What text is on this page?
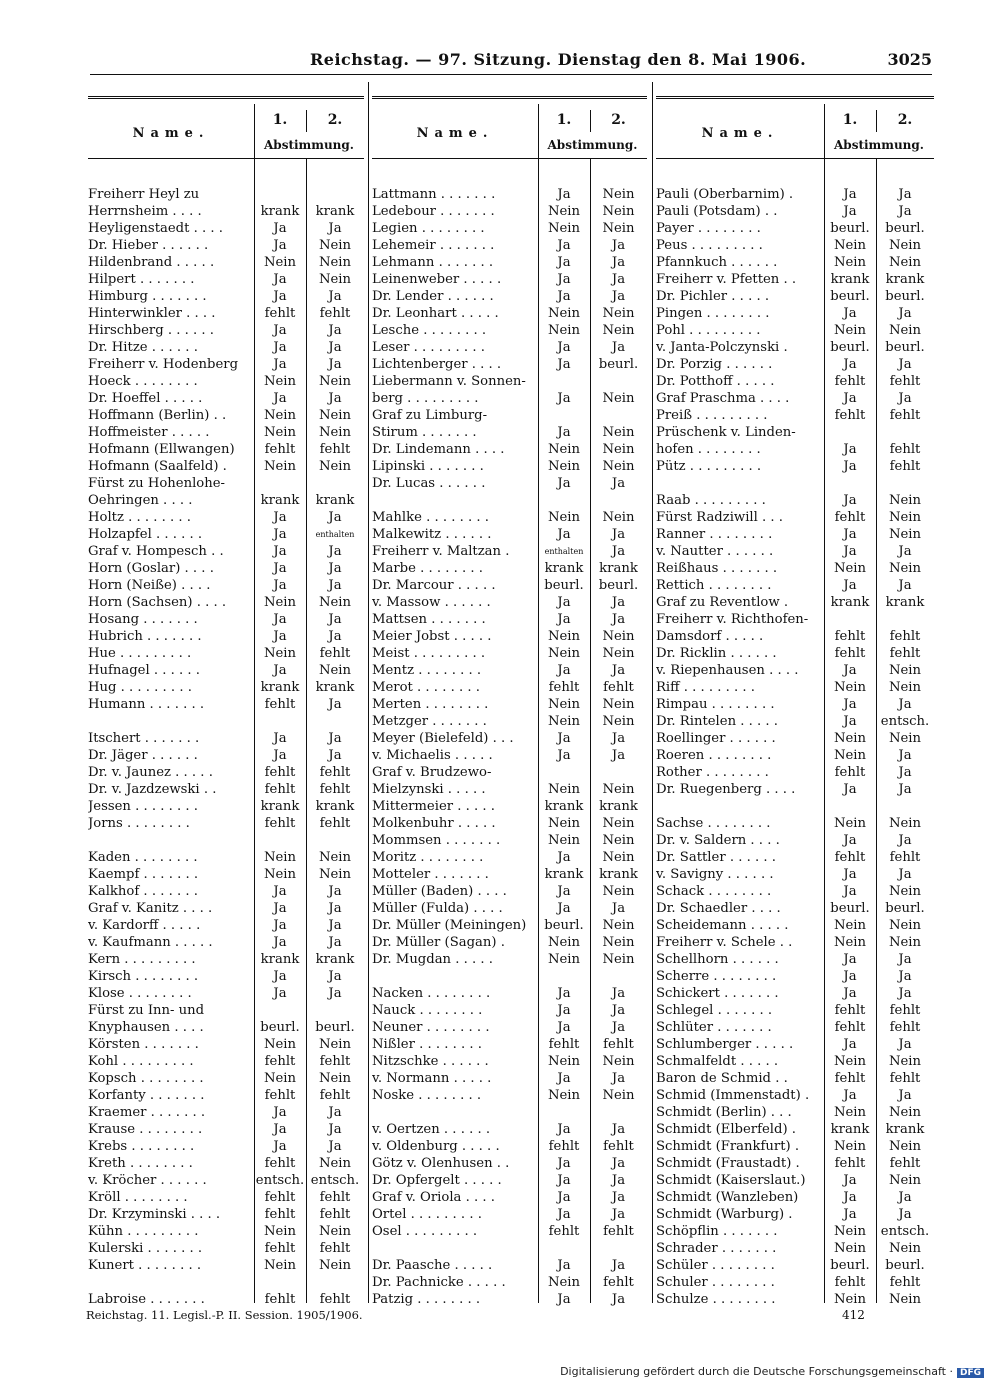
Reichstag. — 97. Sitzung. Dienstag den 8. Mai 1906.	3025
Name.
1.	2.
Abstimmung.
Freiherr Heyl zu
Herrnsheim . . . .	krank	krank
Heyligenstaedt . . . .	Ja	Ja
Dr. Hieber . . . . . .	Ja	Nein
Hildenbrand . . . . .	Nein	Nein
Hilpert . . . . . . .	Ja	Nein
Himburg . . . . . . .	Ja	Ja
Hinterwinkler . . . .	fehlt	fehlt
Hirschberg . . . . . .	Ja	Ja
Dr. Hitze . . . . . .	Ja	Ja
Freiherr v. Hodenberg	Ja	Ja
Hoeck . . . . . . . .	Nein	Nein
Dr. Hoeffel . . . . .	Ja	Ja
Hoffmann (Berlin) . .	Nein	Nein
Hoffmeister . . . . .	Nein	Nein
Hofmann (Ellwangen)	fehlt	fehlt
Hofmann (Saalfeld) .	Nein	Nein
Fürst zu Hohenlohe-
Oehringen . . . .	krank	krank
Holtz . . . . . . . .	Ja	Ja
Holzapfel . . . . . .	Ja	enthalten
Graf v. Hompesch . .	Ja	Ja
Horn (Goslar) . . . .	Ja	Ja
Horn (Neiße) . . . .	Ja	Ja
Horn (Sachsen) . . . .	Nein	Nein
Hosang . . . . . . .	Ja	Ja
Hubrich . . . . . . .	Ja	Ja
Hue . . . . . . . . .	Nein	fehlt
Hufnagel . . . . . .	Ja	Nein
Hug . . . . . . . . .	krank	krank
Humann . . . . . . .	fehlt	Ja
Itschert . . . . . . .	Ja	Ja
Dr. Jäger . . . . . .	Ja	Ja
Dr. v. Jaunez . . . . .	fehlt	fehlt
Dr. v. Jazdzewski . .	fehlt	fehlt
Jessen . . . . . . . .	krank	krank
Jorns . . . . . . . .	fehlt	fehlt
Kaden . . . . . . . .	Nein	Nein
Kaempf . . . . . . .	Nein	Nein
Kalkhof . . . . . . .	Ja	Ja
Graf v. Kanitz . . . .	Ja	Ja
v. Kardorff . . . . .	Ja	Ja
v. Kaufmann . . . . .	Ja	Ja
Kern . . . . . . . . .	krank	krank
Kirsch . . . . . . . .	Ja	Ja
Klose . . . . . . . .	Ja	Ja
Fürst zu Inn- und
Knyphausen . . . .	beurl.	beurl.
Körsten . . . . . . .	Nein	Nein
Kohl . . . . . . . . .	fehlt	fehlt
Kopsch . . . . . . . .	Nein	Nein
Korfanty . . . . . . .	fehlt	fehlt
Kraemer . . . . . . .	Ja	Ja
Krause . . . . . . . .	Ja	Ja
Krebs . . . . . . . .	Ja	Ja
Kreth . . . . . . . .	fehlt	Nein
v. Kröcher . . . . . .	entsch. entsch.
Kröll . . . . . . . .	fehlt	fehlt
Dr. Krzyminski . . . .	fehlt	fehlt
Kühn . . . . . . . . .	Nein	Nein
Kulerski . . . . . . .	fehlt	fehlt
Kunert . . . . . . . .	Nein	Nein
Labroise . . . . . . .	fehlt	fehlt
Name.
1.	2.
Abstimmung.
Lattmann . . . . . . .	Ja	Nein
Ledebour . . . . . . .	Nein	Nein
Legien . . . . . . . .	Nein	Nein
Lehemeir . . . . . . .	Ja	Ja
Lehmann . . . . . . .	Ja	Ja
Leinenweber . . . . .	Ja	Ja
Dr. Lender . . . . . .	Ja	Ja
Dr. Leonhart . . . . .	Nein	Nein
Lesche . . . . . . . .	Nein	Nein
Leser . . . . . . . . .	Ja	Ja
Lichtenberger . . . .	Ja	beurl.
Liebermann v. Sonnen-
berg . . . . . . . . .	Ja	Nein
Graf zu Limburg-
Stirum . . . . . . .	Ja	Nein
Dr. Lindemann . . . .	Nein	Nein
Lipinski . . . . . . .	Nein	Nein
Dr. Lucas . . . . . .	Ja	Ja
Mahlke . . . . . . . .	Nein	Nein
Malkewitz . . . . . .	Ja	Ja
Freiherr v. Maltzan .	enthalten	Ja
Marbe . . . . . . . .	krank	krank
Dr. Marcour . . . . .	beurl.	beurl.
v. Massow . . . . . .	Ja	Ja
Mattsen . . . . . . .	Ja	Ja
Meier Jobst . . . . .	Nein	Nein
Meist . . . . . . . . .	Nein	Nein
Mentz . . . . . . . .	Ja	Ja
Merot . . . . . . . .	fehlt	fehlt
Merten . . . . . . . .	Nein	Nein
Metzger . . . . . . .	Nein	Nein
Meyer (Bielefeld) . . .	Ja	Ja
v. Michaelis . . . . .	Ja	Ja
Graf v. Brudzewo-
Mielzynski . . . . .	Nein	Nein
Mittermeier . . . . .	krank	krank
Molkenbuhr . . . . .	Nein	Nein
Mommsen . . . . . . .	Nein	Nein
Moritz . . . . . . . .	Ja	Nein
Motteler . . . . . . .	krank	krank
Müller (Baden) . . . .	Ja	Nein
Müller (Fulda) . . . .	Ja	Ja
Dr. Müller (Meiningen)	beurl.	Nein
Dr. Müller (Sagan) .	Nein	Nein
Dr. Mugdan . . . . .	Nein	Nein
Nacken . . . . . . . .	Ja	Ja
Nauck . . . . . . . .	Ja	Ja
Neuner . . . . . . . .	Ja	Ja
Nißler . . . . . . . .	fehlt	fehlt
Nitzschke . . . . . .	Nein	Nein
v. Normann . . . . .	Ja	Ja
Noske . . . . . . . .	Nein	Nein
v. Oertzen . . . . . .	Ja	Ja
v. Oldenburg . . . . .	fehlt	fehlt
Götz v. Olenhusen . .	Ja	Ja
Dr. Opfergelt . . . . .	Ja	Ja
Graf v. Oriola . . . .	Ja	Ja
Ortel . . . . . . . . .	Ja	Ja
Osel . . . . . . . . .	fehlt	fehlt
Dr. Paasche . . . . .	Ja	Ja
Dr. Pachnicke . . . . .	Nein	fehlt
Patzig . . . . . . . .	Ja	Ja
Name.
1.	2.
Abstimmung.
Pauli (Oberbarnim) .	Ja	Ja
Pauli (Potsdam) . .	Ja	Ja
Payer . . . . . . . .	beurl.	beurl.
Peus . . . . . . . . .	Nein	Nein
Pfannkuch . . . . . .	Nein	Nein
Freiherr v. Pfetten . .	krank	krank
Dr. Pichler . . . . .	beurl.	beurl.
Pingen . . . . . . . .	Ja	Ja
Pohl . . . . . . . . .	Nein	Nein
v. Janta-Polczynski .	beurl.	beurl.
Dr. Porzig . . . . . .	Ja	Ja
Dr. Potthoff . . . . .	fehlt	fehlt
Graf Praschma . . . .	Ja	Ja
Preiß . . . . . . . . .	fehlt	fehlt
Prüschenk v. Linden-
hofen . . . . . . . .	Ja	fehlt
Pütz . . . . . . . . .	Ja	fehlt
Raab . . . . . . . . .	Ja	Nein
Fürst Radziwill . . .	fehlt	Nein
Ranner . . . . . . . .	Ja	Nein
v. Nautter . . . . . .	Ja	Ja
Reißhaus . . . . . . .	Nein	Nein
Rettich . . . . . . . .	Ja	Ja
Graf zu Reventlow .	krank	krank
Freiherr v. Richthofen-
Damsdorf . . . . .	fehlt	fehlt
Dr. Ricklin . . . . . .	fehlt	fehlt
v. Riepenhausen . . . .	Ja	Nein
Riff . . . . . . . . .	Nein	Nein
Rimpau . . . . . . . .	Ja	Ja
Dr. Rintelen . . . . .	Ja	entsch.
Roellinger . . . . . .	Nein	Nein
Roeren . . . . . . . .	Nein	Ja
Rother . . . . . . . .	fehlt	Ja
Dr. Ruegenberg . . . .	Ja	Ja
Sachse . . . . . . . .	Nein	Nein
Dr. v. Saldern . . . .	Ja	Ja
Dr. Sattler . . . . . .	fehlt	fehlt
v. Savigny . . . . . .	Ja	Ja
Schack . . . . . . . .	Ja	Nein
Dr. Schaedler . . . .	beurl.	beurl.
Scheidemann . . . . .	Nein	Nein
Freiherr v. Schele . .	Nein	Nein
Schellhorn . . . . . .	Ja	Ja
Scherre . . . . . . . .	Ja	Ja
Schickert . . . . . . .	Ja	Ja
Schlegel . . . . . . .	fehlt	fehlt
Schlüter . . . . . . .	fehlt	fehlt
Schlumberger . . . . .	Ja	Ja
Schmalfeldt . . . . .	Nein	Nein
Baron de Schmid . .	fehlt	fehlt
Schmid (Immenstadt) .	Ja	Ja
Schmidt (Berlin) . . .	Nein	Nein
Schmidt (Elberfeld) .	krank	krank
Schmidt (Frankfurt) .	Nein	Nein
Schmidt (Fraustadt) .	fehlt	fehlt
Schmidt (Kaiserslaut.)	Ja	Nein
Schmidt (Wanzleben)	Ja	Ja
Schmidt (Warburg) .	Ja	Ja
Schöpflin . . . . . . .	Nein	entsch.
Schrader . . . . . . .	Nein	Nein
Schüler . . . . . . . .	beurl.	beurl.
Schuler . . . . . . . .	fehlt	fehlt
Schulze . . . . . . . .	Nein	Nein
Reichstag. 11. Legisl.-P. II. Session. 1905/1906.	412
Digitalisierung gefördert durch die Deutsche Forschungsgemeinschaft · DFG
